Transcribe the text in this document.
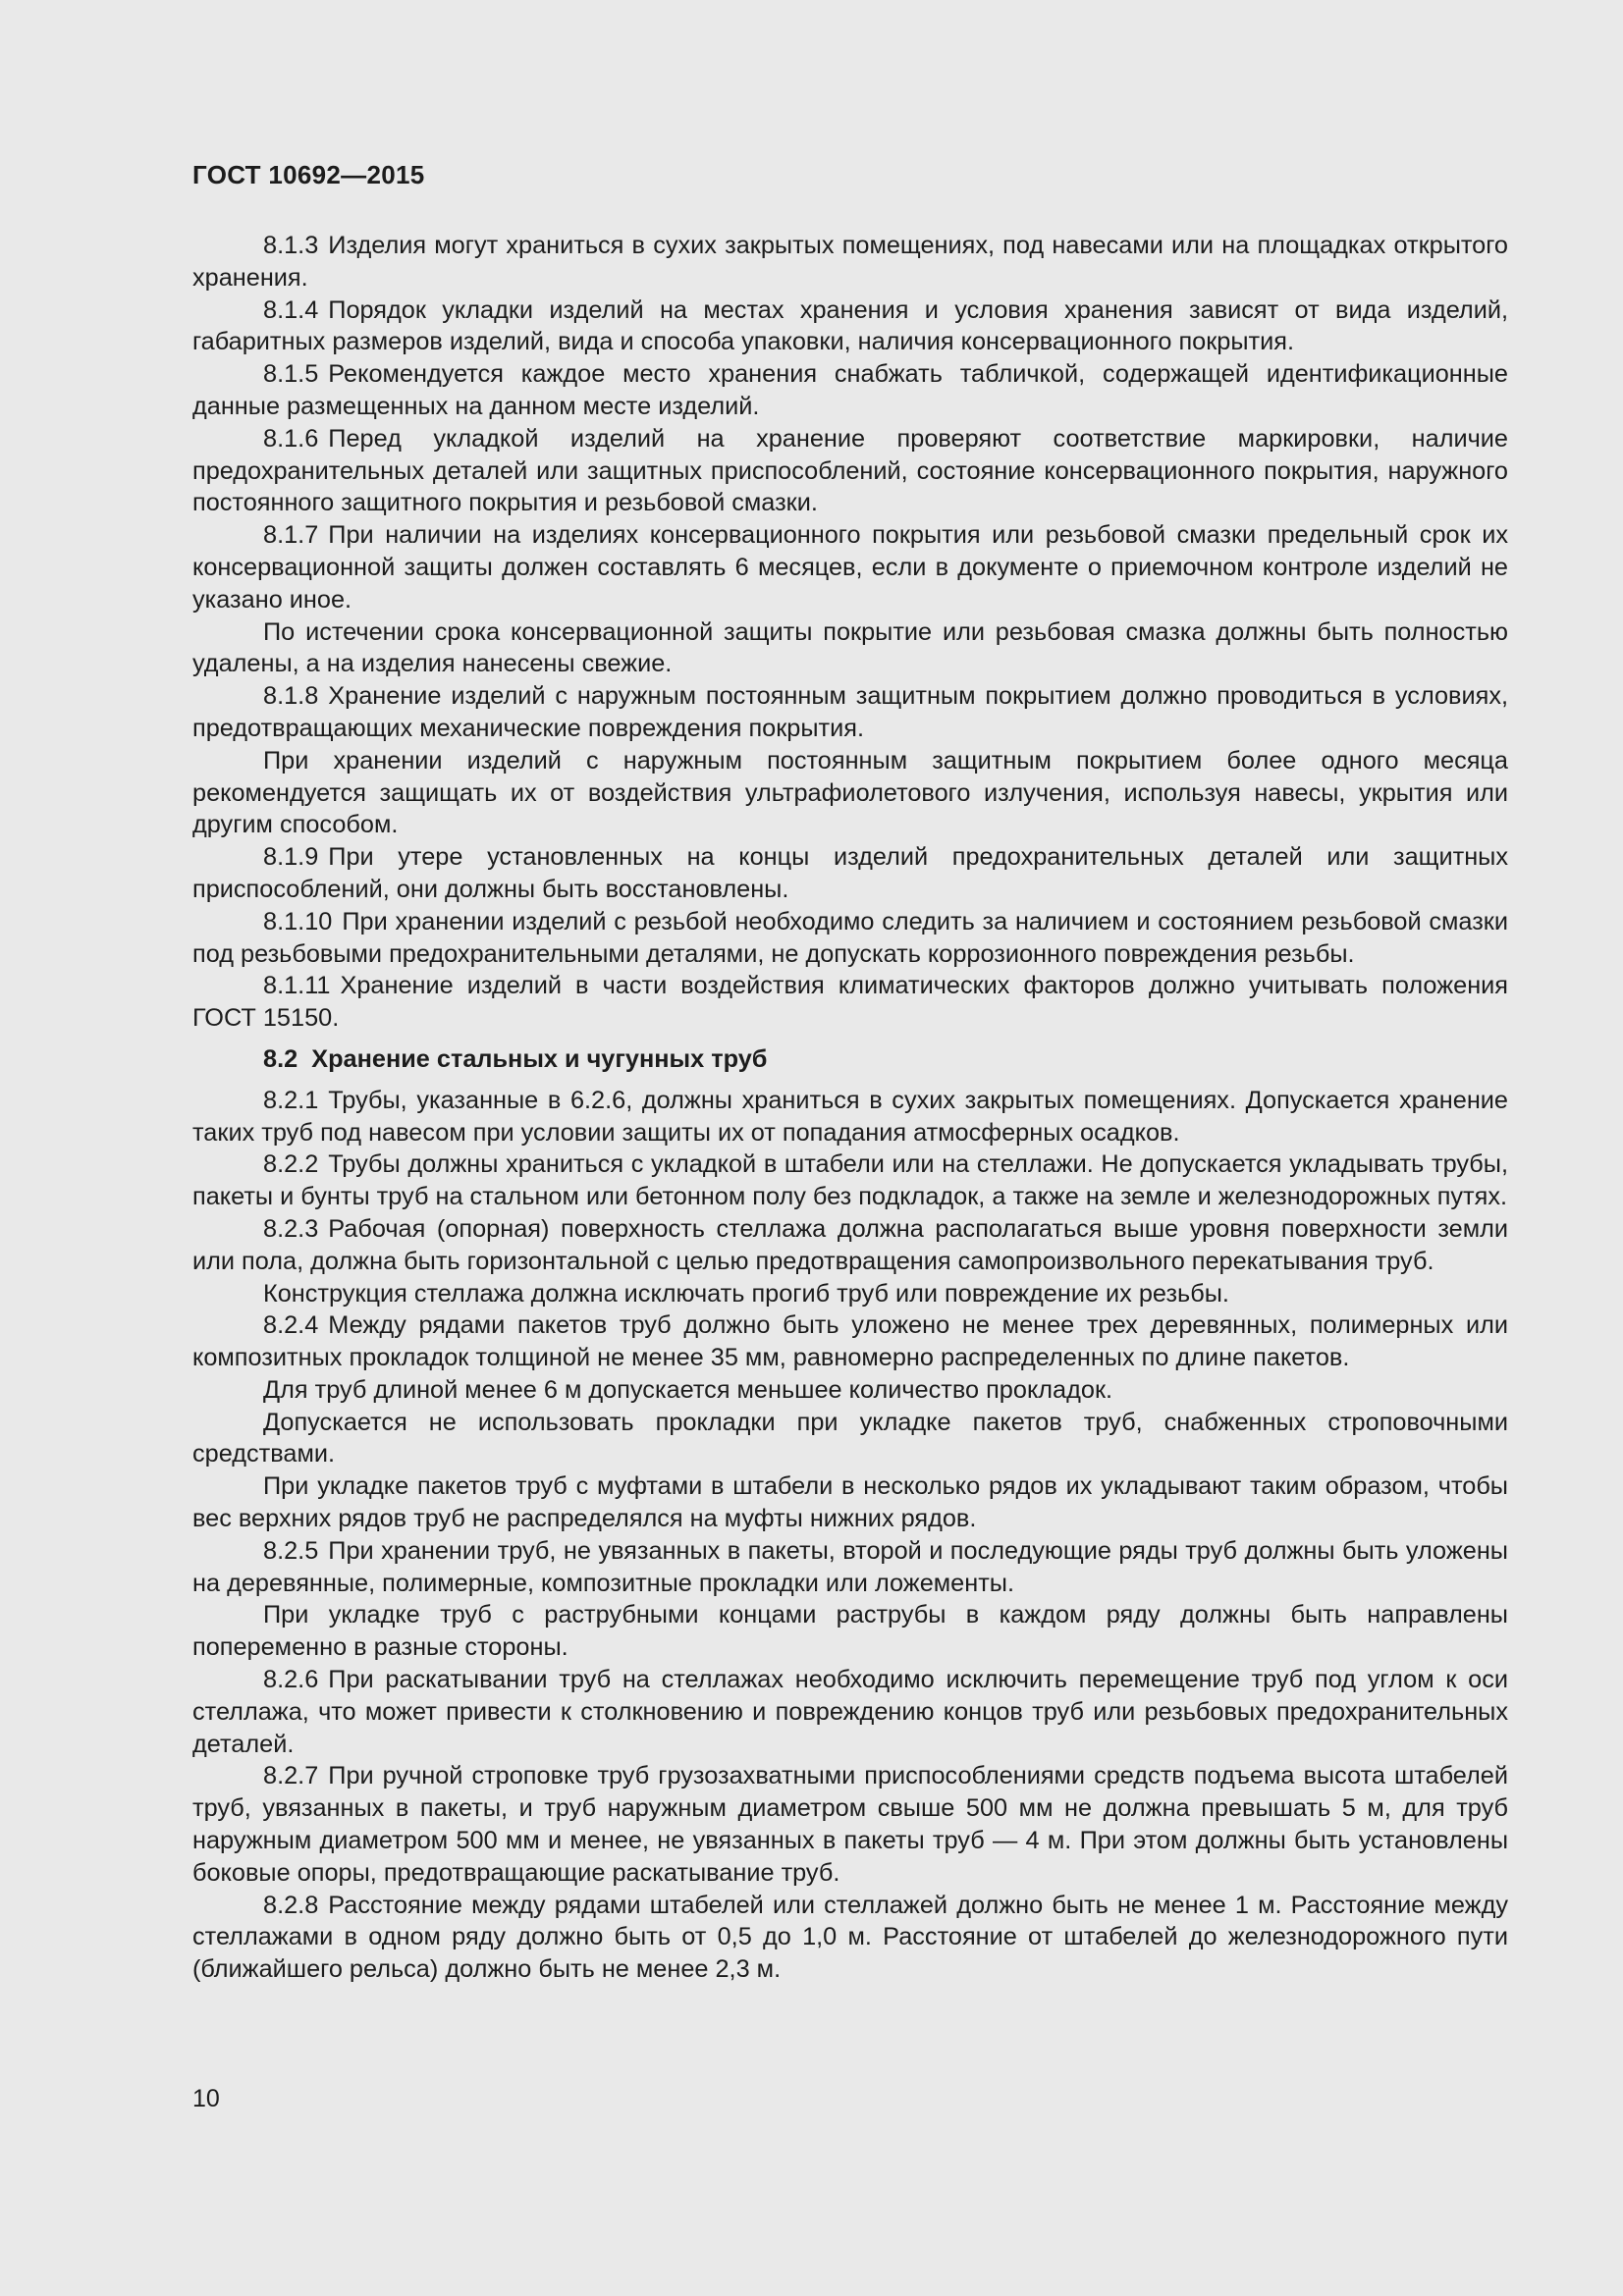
ГОСТ 10692—2015

8.1.3 Изделия могут храниться в сухих закрытых помещениях, под навесами или на площадках открытого хранения.

8.1.4 Порядок укладки изделий на местах хранения и условия хранения зависят от вида изделий, габаритных размеров изделий, вида и способа упаковки, наличия консервационного покрытия.

8.1.5 Рекомендуется каждое место хранения снабжать табличкой, содержащей идентификационные данные размещенных на данном месте изделий.

8.1.6 Перед укладкой изделий на хранение проверяют соответствие маркировки, наличие предохранительных деталей или защитных приспособлений, состояние консервационного покрытия, наружного постоянного защитного покрытия и резьбовой смазки.

8.1.7 При наличии на изделиях консервационного покрытия или резьбовой смазки предельный срок их консервационной защиты должен составлять 6 месяцев, если в документе о приемочном контроле изделий не указано иное.

По истечении срока консервационной защиты покрытие или резьбовая смазка должны быть полностью удалены, а на изделия нанесены свежие.

8.1.8 Хранение изделий с наружным постоянным защитным покрытием должно проводиться в условиях, предотвращающих механические повреждения покрытия.

При хранении изделий с наружным постоянным защитным покрытием более одного месяца рекомендуется защищать их от воздействия ультрафиолетового излучения, используя навесы, укрытия или другим способом.

8.1.9 При утере установленных на концы изделий предохранительных деталей или защитных приспособлений, они должны быть восстановлены.

8.1.10 При хранении изделий с резьбой необходимо следить за наличием и состоянием резьбовой смазки под резьбовыми предохранительными деталями, не допускать коррозионного повреждения резьбы.

8.1.11 Хранение изделий в части воздействия климатических факторов должно учитывать положения ГОСТ 15150.

8.2 Хранение стальных и чугунных труб

8.2.1 Трубы, указанные в 6.2.6, должны храниться в сухих закрытых помещениях. Допускается хранение таких труб под навесом при условии защиты их от попадания атмосферных осадков.

8.2.2 Трубы должны храниться с укладкой в штабели или на стеллажи. Не допускается укладывать трубы, пакеты и бунты труб на стальном или бетонном полу без подкладок, а также на земле и железнодорожных путях.

8.2.3 Рабочая (опорная) поверхность стеллажа должна располагаться выше уровня поверхности земли или пола, должна быть горизонтальной с целью предотвращения самопроизвольного перекатывания труб.

Конструкция стеллажа должна исключать прогиб труб или повреждение их резьбы.

8.2.4 Между рядами пакетов труб должно быть уложено не менее трех деревянных, полимерных или композитных прокладок толщиной не менее 35 мм, равномерно распределенных по длине пакетов.

Для труб длиной менее 6 м допускается меньшее количество прокладок.

Допускается не использовать прокладки при укладке пакетов труб, снабженных строповочными средствами.

При укладке пакетов труб с муфтами в штабели в несколько рядов их укладывают таким образом, чтобы вес верхних рядов труб не распределялся на муфты нижних рядов.

8.2.5 При хранении труб, не увязанных в пакеты, второй и последующие ряды труб должны быть уложены на деревянные, полимерные, композитные прокладки или ложементы.

При укладке труб с раструбными концами раструбы в каждом ряду должны быть направлены попеременно в разные стороны.

8.2.6 При раскатывании труб на стеллажах необходимо исключить перемещение труб под углом к оси стеллажа, что может привести к столкновению и повреждению концов труб или резьбовых предохранительных деталей.

8.2.7 При ручной строповке труб грузозахватными приспособлениями средств подъема высота штабелей труб, увязанных в пакеты, и труб наружным диаметром свыше 500 мм не должна превышать 5 м, для труб наружным диаметром 500 мм и менее, не увязанных в пакеты труб — 4 м. При этом должны быть установлены боковые опоры, предотвращающие раскатывание труб.

8.2.8 Расстояние между рядами штабелей или стеллажей должно быть не менее 1 м. Расстояние между стеллажами в одном ряду должно быть от 0,5 до 1,0 м. Расстояние от штабелей до железнодорожного пути (ближайшего рельса) должно быть не менее 2,3 м.

10
